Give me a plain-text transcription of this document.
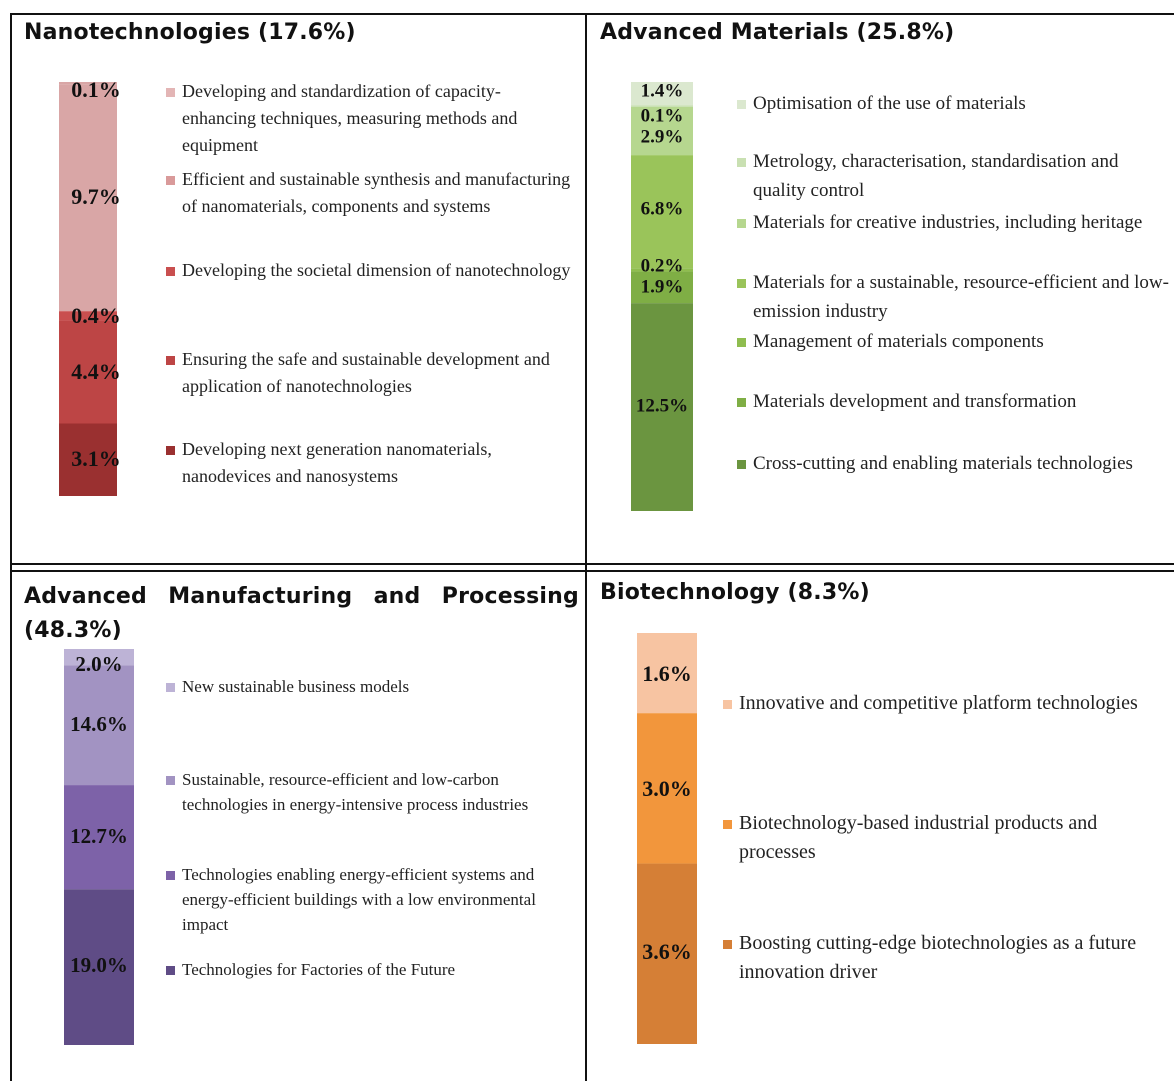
Nanotechnologies (17.6%)	Advanced Materials (25.8%)
Advanced Manufacturing and Processing (48.3%)
Biotechnology (8.3%)
0.1%
9.7%
0.4%
4.4%
3.1%
1.4%
0.1%
2.9%
6.8%
0.2%
1.9%
12.5%
2.0%
14.6%
12.7%
19.0%
1.6%
3.0%
3.6%
Developing and standardization of capacity-enhancing techniques, measuring methods and equipment
Efficient and sustainable synthesis and manufacturing of nanomaterials, components and systems
Developing the societal dimension of nanotechnology
Ensuring the safe and sustainable development and application of nanotechnologies
Developing next generation nanomaterials, nanodevices and nanosystems
Optimisation of the use of materials
Metrology, characterisation, standardisation and quality control
Materials for creative industries, including heritage
Materials for a sustainable, resource-efficient and low-emission industry
Management of materials components
Materials development and transformation
Cross-cutting and enabling materials technologies
New sustainable business models
Sustainable, resource-efficient and low-carbon technologies in energy-intensive process industries
Technologies enabling energy-efficient systems and energy-efficient buildings with a low environmental impact
Technologies for Factories of the Future
Innovative and competitive platform technologies
Biotechnology-based industrial products and processes
Boosting cutting-edge biotechnologies as a future innovation driver
